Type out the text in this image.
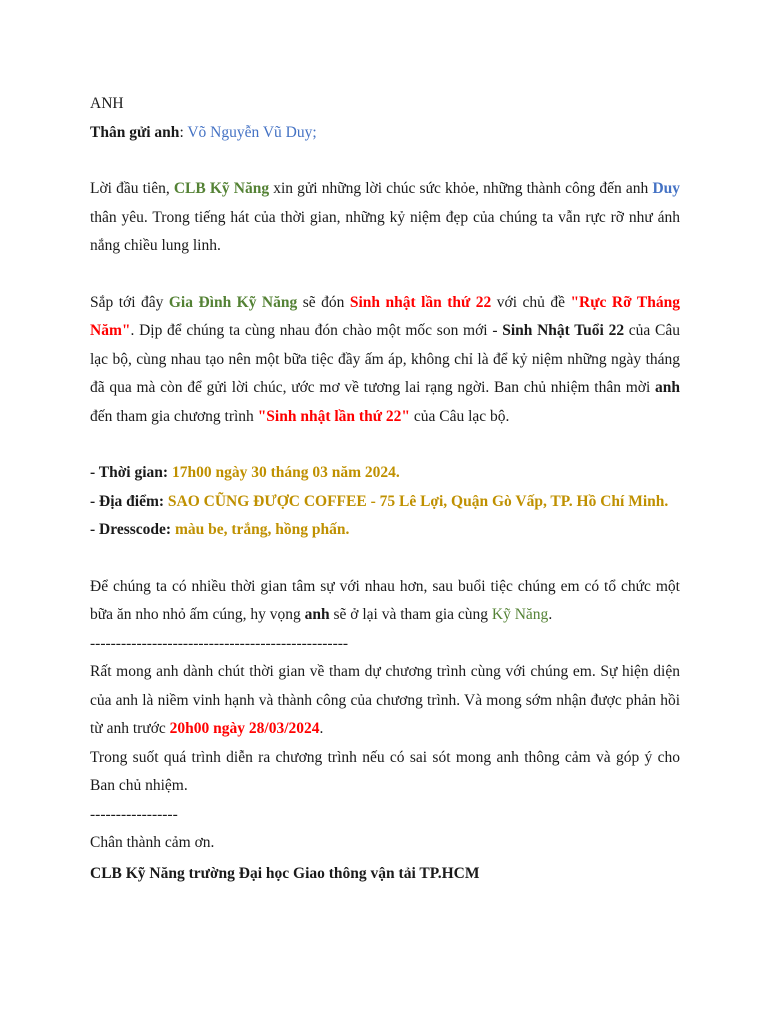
ANH

Thân gửi anh: Võ Nguyễn Vũ Duy;

Lời đầu tiên, CLB Kỹ Năng xin gửi những lời chúc sức khỏe, những thành công đến anh Duy thân yêu. Trong tiếng hát của thời gian, những kỷ niệm đẹp của chúng ta vẫn rực rỡ như ánh nắng chiều lung linh.

Sắp tới đây Gia Đình Kỹ Năng sẽ đón Sinh nhật lần thứ 22 với chủ đề "Rực Rỡ Tháng Năm". Dịp để chúng ta cùng nhau đón chào một mốc son mới - Sinh Nhật Tuổi 22 của Câu lạc bộ, cùng nhau tạo nên một bữa tiệc đầy ấm áp, không chỉ là để kỷ niệm những ngày tháng đã qua mà còn để gửi lời chúc, ước mơ về tương lai rạng ngời. Ban chủ nhiệm thân mời anh đến tham gia chương trình "Sinh nhật lần thứ 22" của Câu lạc bộ.

- Thời gian: 17h00 ngày 30 tháng 03 năm 2024.

- Địa điểm: SAO CŨNG ĐƯỢC COFFEE - 75 Lê Lợi, Quận Gò Vấp, TP. Hồ Chí Minh.

- Dresscode: màu be, trắng, hồng phấn.

Để chúng ta có nhiều thời gian tâm sự với nhau hơn, sau buổi tiệc chúng em có tổ chức một bữa ăn nho nhỏ ấm cúng, hy vọng anh sẽ ở lại và tham gia cùng Kỹ Năng.

--------------------------------------------------

Rất mong anh dành chút thời gian về tham dự chương trình cùng với chúng em. Sự hiện diện của anh là niềm vinh hạnh và thành công của chương trình. Và mong sớm nhận được phản hồi từ anh trước 20h00 ngày 28/03/2024.

Trong suốt quá trình diễn ra chương trình nếu có sai sót mong anh thông cảm và góp ý cho Ban chủ nhiệm.

-----------------

Chân thành cảm ơn.

CLB Kỹ Năng trường Đại học Giao thông vận tải TP.HCM
